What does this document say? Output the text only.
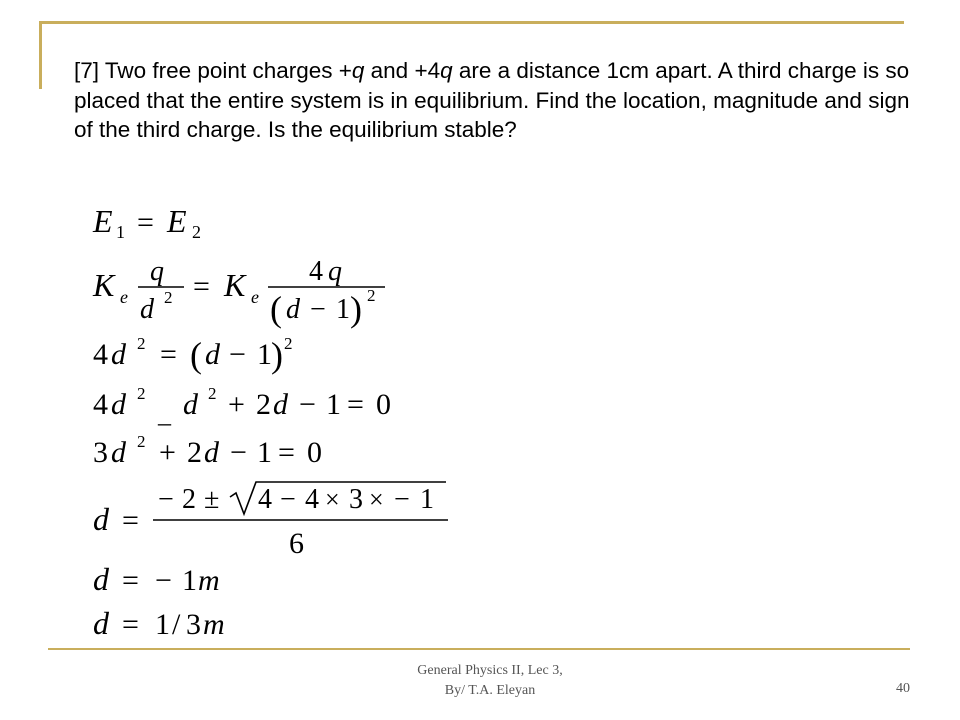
[7] Two free point charges +q and +4q are a distance 1cm apart. A third charge is so placed that the entire system is in equilibrium. Find the location, magnitude and sign of the third charge. Is the equilibrium stable?

E 1 = E 2
K e
q
d 2 = K e
4 q
( d − 1 ) 2
4 d 2 = ( d − 1 ) 2
4 d 2
_ d 2 + 2 d − 1 = 0
3 d 2 + 2 d − 1 = 0
d =
− 2 ± 4 − 4 × 3 × − 1
6
d = − 1 m
d = 1 / 3 m
General Physics II, Lec 3,
By/ T.A. Eleyan	40
